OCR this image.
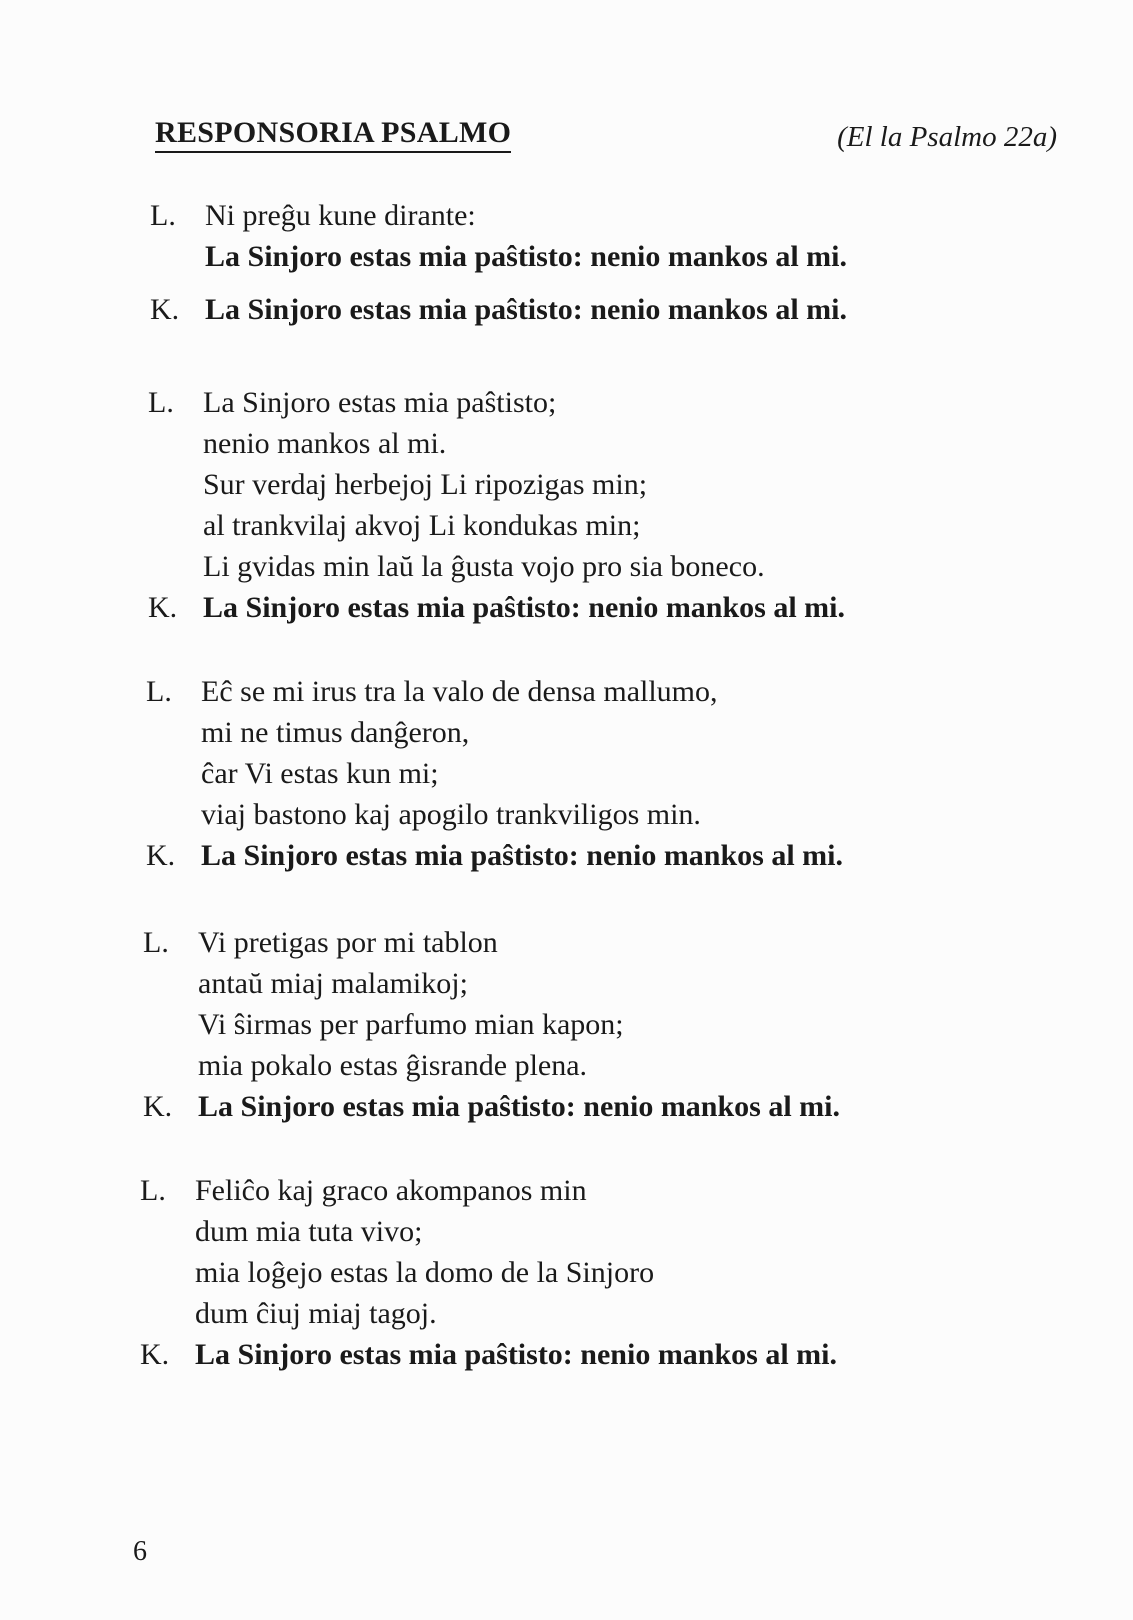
RESPONSORIA PSALMO	(El la Psalmo 22a)
L. Ni preĝu kune dirante:
La Sinjoro estas mia paŝtisto: nenio mankos al mi.
K. La Sinjoro estas mia paŝtisto: nenio mankos al mi.
L. La Sinjoro estas mia paŝtisto;
nenio mankos al mi.
Sur verdaj herbejoj Li ripozigas min;
al trankvilaj akvoj Li kondukas min;
Li gvidas min laŭ la ĝusta vojo pro sia boneco.
K. La Sinjoro estas mia paŝtisto: nenio mankos al mi.
L. Eĉ se mi irus tra la valo de densa mallumo,
mi ne timus danĝeron,
ĉar Vi estas kun mi;
viaj bastono kaj apogilo trankviligos min.
K. La Sinjoro estas mia paŝtisto: nenio mankos al mi.
L. Vi pretigas por mi tablon
antaŭ miaj malamikoj;
Vi ŝirmas per parfumo mian kapon;
mia pokalo estas ĝisrande plena.
K. La Sinjoro estas mia paŝtisto: nenio mankos al mi.
L. Feliĉo kaj graco akompanos min
dum mia tuta vivo;
mia loĝejo estas la domo de la Sinjoro
dum ĉiuj miaj tagoj.
K. La Sinjoro estas mia paŝtisto: nenio mankos al mi.
6
